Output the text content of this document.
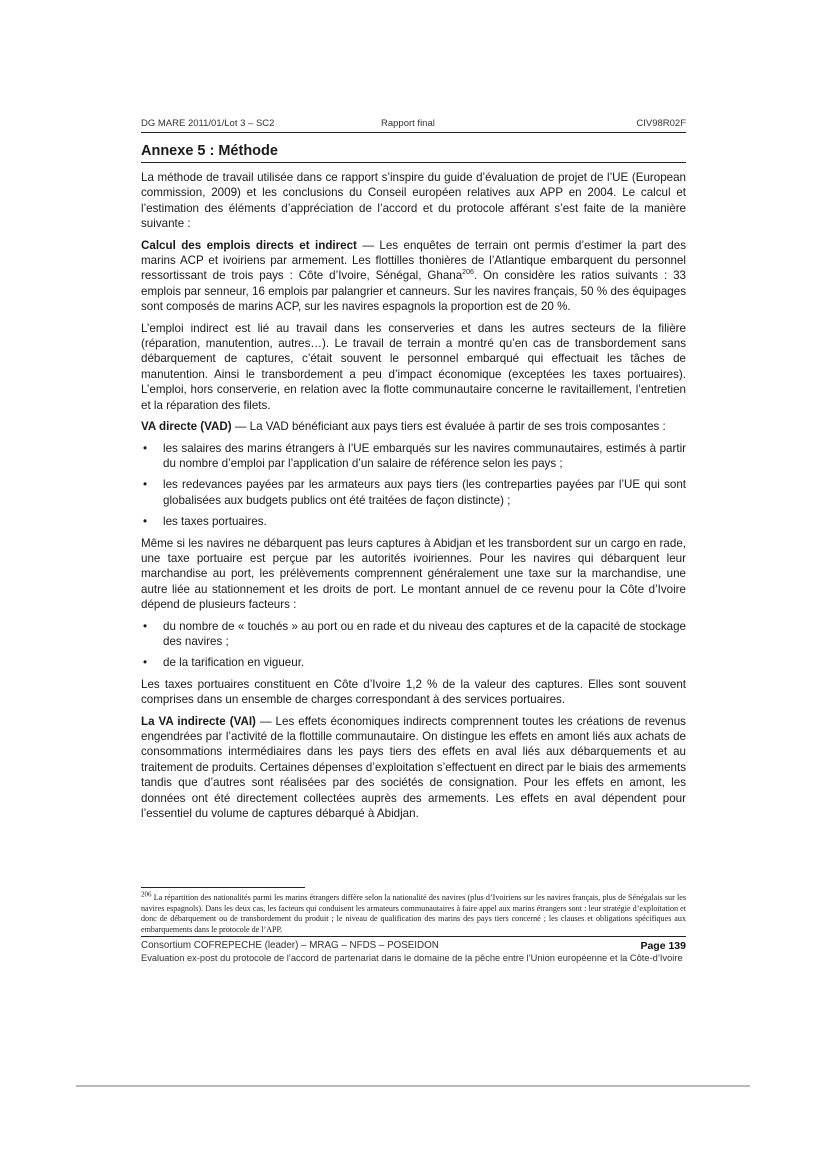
DG MARE 2011/01/Lot 3 – SC2	Rapport final	CIV98R02F
Annexe 5 : Méthode

La méthode de travail utilisée dans ce rapport s’inspire du guide d’évaluation de projet de l’UE (European commission, 2009) et les conclusions du Conseil européen relatives aux APP en 2004. Le calcul et l’estimation des éléments d’appréciation de l’accord et du protocole afférant s’est faite de la manière suivante :

Calcul des emplois directs et indirect — Les enquêtes de terrain ont permis d’estimer la part des marins ACP et ivoiriens par armement. Les flottilles thonières de l’Atlantique embarquent du personnel ressortissant de trois pays : Côte d’Ivoire, Sénégal, Ghana$^{206}$. On considère les ratios suivants : 33 emplois par senneur, 16 emplois par palangrier et canneurs. Sur les navires français, 50 % des équipages sont composés de marins ACP, sur les navires espagnols la proportion est de 20 %.

L’emploi indirect est lié au travail dans les conserveries et dans les autres secteurs de la filière (réparation, manutention, autres…). Le travail de terrain a montré qu’en cas de transbordement sans débarquement de captures, c’était souvent le personnel embarqué qui effectuait les tâches de manutention. Ainsi le transbordement a peu d’impact économique (exceptées les taxes portuaires). L’emploi, hors conserverie, en relation avec la flotte communautaire concerne le ravitaillement, l’entretien et la réparation des filets.

VA directe (VAD) — La VAD bénéficiant aux pays tiers est évaluée à partir de ses trois composantes :

• les salaires des marins étrangers à l’UE embarqués sur les navires communautaires, estimés à partir du nombre d’emploi par l’application d’un salaire de référence selon les pays ;
• les redevances payées par les armateurs aux pays tiers (les contreparties payées par l’UE qui sont globalisées aux budgets publics ont été traitées de façon distincte) ;
• les taxes portuaires.

Même si les navires ne débarquent pas leurs captures à Abidjan et les transbordent sur un cargo en rade, une taxe portuaire est perçue par les autorités ivoiriennes. Pour les navires qui débarquent leur marchandise au port, les prélèvements comprennent généralement une taxe sur la marchandise, une autre liée au stationnement et les droits de port. Le montant annuel de ce revenu pour la Côte d’Ivoire dépend de plusieurs facteurs :

• du nombre de « touchés » au port ou en rade et du niveau des captures et de la capacité de stockage des navires ;
• de la tarification en vigueur.

Les taxes portuaires constituent en Côte d’Ivoire 1,2 % de la valeur des captures. Elles sont souvent comprises dans un ensemble de charges correspondant à des services portuaires.

La VA indirecte (VAI) — Les effets économiques indirects comprennent toutes les créations de revenus engendrées par l’activité de la flottille communautaire. On distingue les effets en amont liés aux achats de consommations intermédiaires dans les pays tiers des effets en aval liés aux débarquements et au traitement de produits. Certaines dépenses d’exploitation s’effectuent en direct par le biais des armements tandis que d’autres sont réalisées par des sociétés de consignation. Pour les effets en amont, les données ont été directement collectées auprès des armements. Les effets en aval dépendent pour l’essentiel du volume de captures débarqué à Abidjan.

$^{206}$ La répartition des nationalités parmi les marins étrangers diffère selon la nationalité des navires (plus d’Ivoiriens sur les navires français, plus de Sénégalais sur les navires espagnols). Dans les deux cas, les facteurs qui conduisent les armateurs communautaires à faire appel aux marins étrangers sont : leur stratégie d’exploitation et donc de débarquement ou de transbordement du produit ; le niveau de qualification des marins des pays tiers concerné ; les clauses et obligations spécifiques aux embarquements dans le protocole de l’APP.

Consortium COFREPECHE (leader) – MRAG – NFDS – POSEIDON	Page 139
Evaluation ex-post du protocole de l’accord de partenariat dans le domaine de la pêche entre l’Union européenne et la Côte-d’Ivoire
